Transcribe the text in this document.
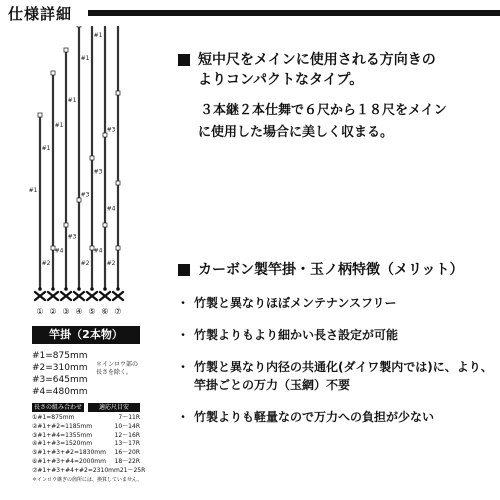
仕様詳細
#1
①
#2
#1
②
#4
#1
③
#3
#1
④
#2
#3
#1
⑤
#4
#3
#1
⑥
#2
#4
#3
⑦
竿掛（2本物）
#1=875mm
#2=310mm
#3=645mm
#4=480mm
＊インロウ部の長さを除く。
長さの組み合わせ	適応尺目安
①#1=875mm	7～11R
②#1+#2=1185mm	10～14R
③#1+#4=1355mm	12～16R
④#1+#3=1520mm	13～17R
⑤#1+#3+#2=1830mm 16～20R
⑥#1+#3+#4=2000mm 18～22R
⑦#1+#3+#4+#2=2310mm 21～25R
＊インロウ継ぎの箇所には、換算していません。
短中尺をメインに使用される方向きの
よりコンパクトなタイプ。
３本継２本仕舞で６尺から１８尺をメイン
に使用した場合に美しく収まる。
カーボン製竿掛・玉ノ柄特徴（メリット）
・ 竹製と異なりほぼメンテナンスフリー
・ 竹製よりもより細かい長さ設定が可能
・ 竹製と異なり内径の共通化(ダイワ製内では)に、より、竿掛ごとの万力（玉網）不要
・ 竹製よりも軽量なので万力への負担が少ない
